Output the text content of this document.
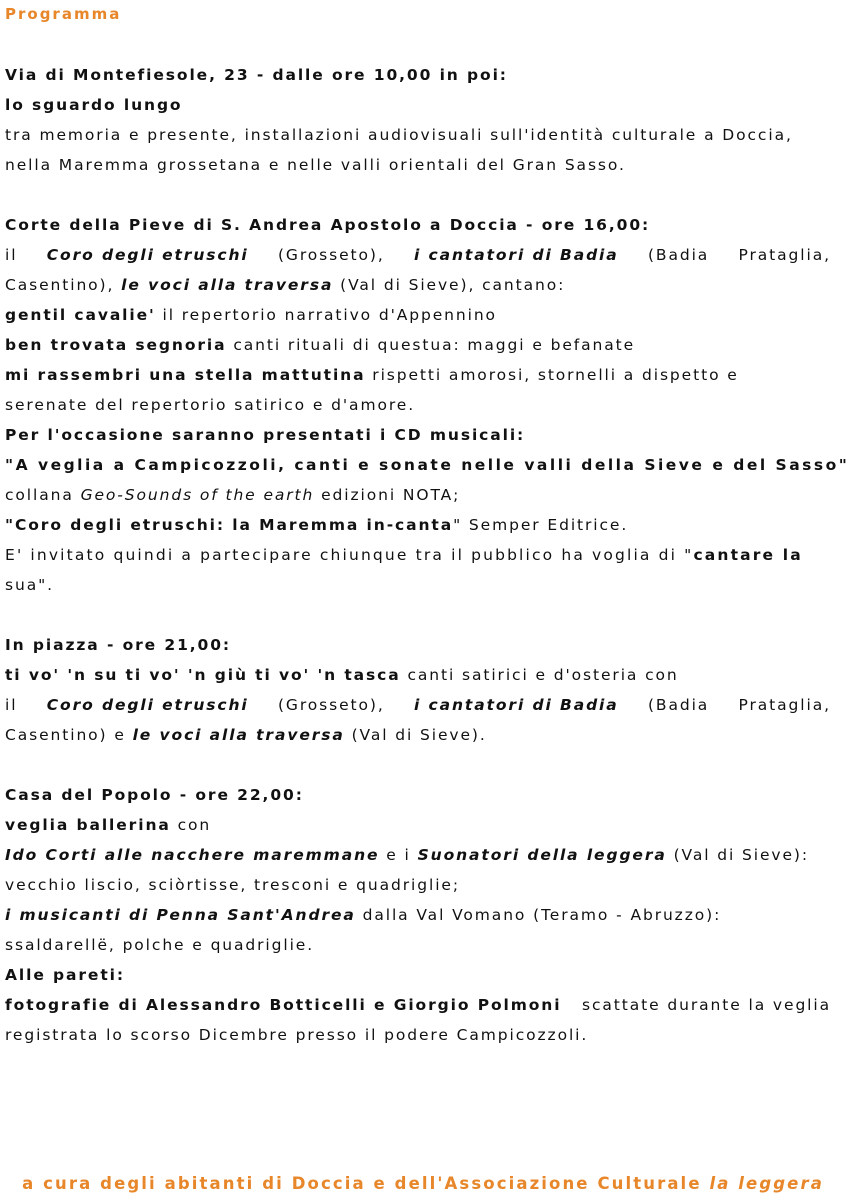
Programma
Via di Montefiesole, 23 - dalle ore 10,00 in poi:
lo sguardo lungo
tra memoria e presente, installazioni audiovisuali sull'identità culturale a Doccia,
nella Maremma grossetana e nelle valli orientali del Gran Sasso.
Corte della Pieve di S. Andrea Apostolo a Doccia - ore 16,00:
il Coro degli etruschi (Grosseto), i cantatori di Badia (Badia Prataglia,
Casentino), le voci alla traversa (Val di Sieve), cantano:
gentil cavalie' il repertorio narrativo d'Appennino
ben trovata segnoria canti rituali di questua: maggi e befanate
mi rassembri una stella mattutina rispetti amorosi, stornelli a dispetto e
serenate del repertorio satirico e d'amore.
Per l'occasione saranno presentati i CD musicali:
"A veglia a Campicozzoli, canti e sonate nelle valli della Sieve e del Sasso"
collana Geo-Sounds of the earth edizioni NOTA;
"Coro degli etruschi: la Maremma in-canta" Semper Editrice.
E' invitato quindi a partecipare chiunque tra il pubblico ha voglia di "cantare la
sua".
In piazza - ore 21,00:
ti vo' 'n su ti vo' 'n giù ti vo' 'n tasca canti satirici e d'osteria con
il Coro degli etruschi (Grosseto), i cantatori di Badia (Badia Prataglia,
Casentino) e le voci alla traversa (Val di Sieve).
Casa del Popolo - ore 22,00:
veglia ballerina con
Ido Corti alle nacchere maremmane e i Suonatori della leggera (Val di Sieve):
vecchio liscio, sciòrtisse, tresconi e quadriglie;
i musicanti di Penna Sant'Andrea dalla Val Vomano (Teramo - Abruzzo):
ssaldarellë, polche e quadriglie.
Alle pareti:
fotografie di Alessandro Botticelli e Giorgio Polmoni scattate durante la veglia
registrata lo scorso Dicembre presso il podere Campicozzoli.
a cura degli abitanti di Doccia e dell'Associazione Culturale la leggera
